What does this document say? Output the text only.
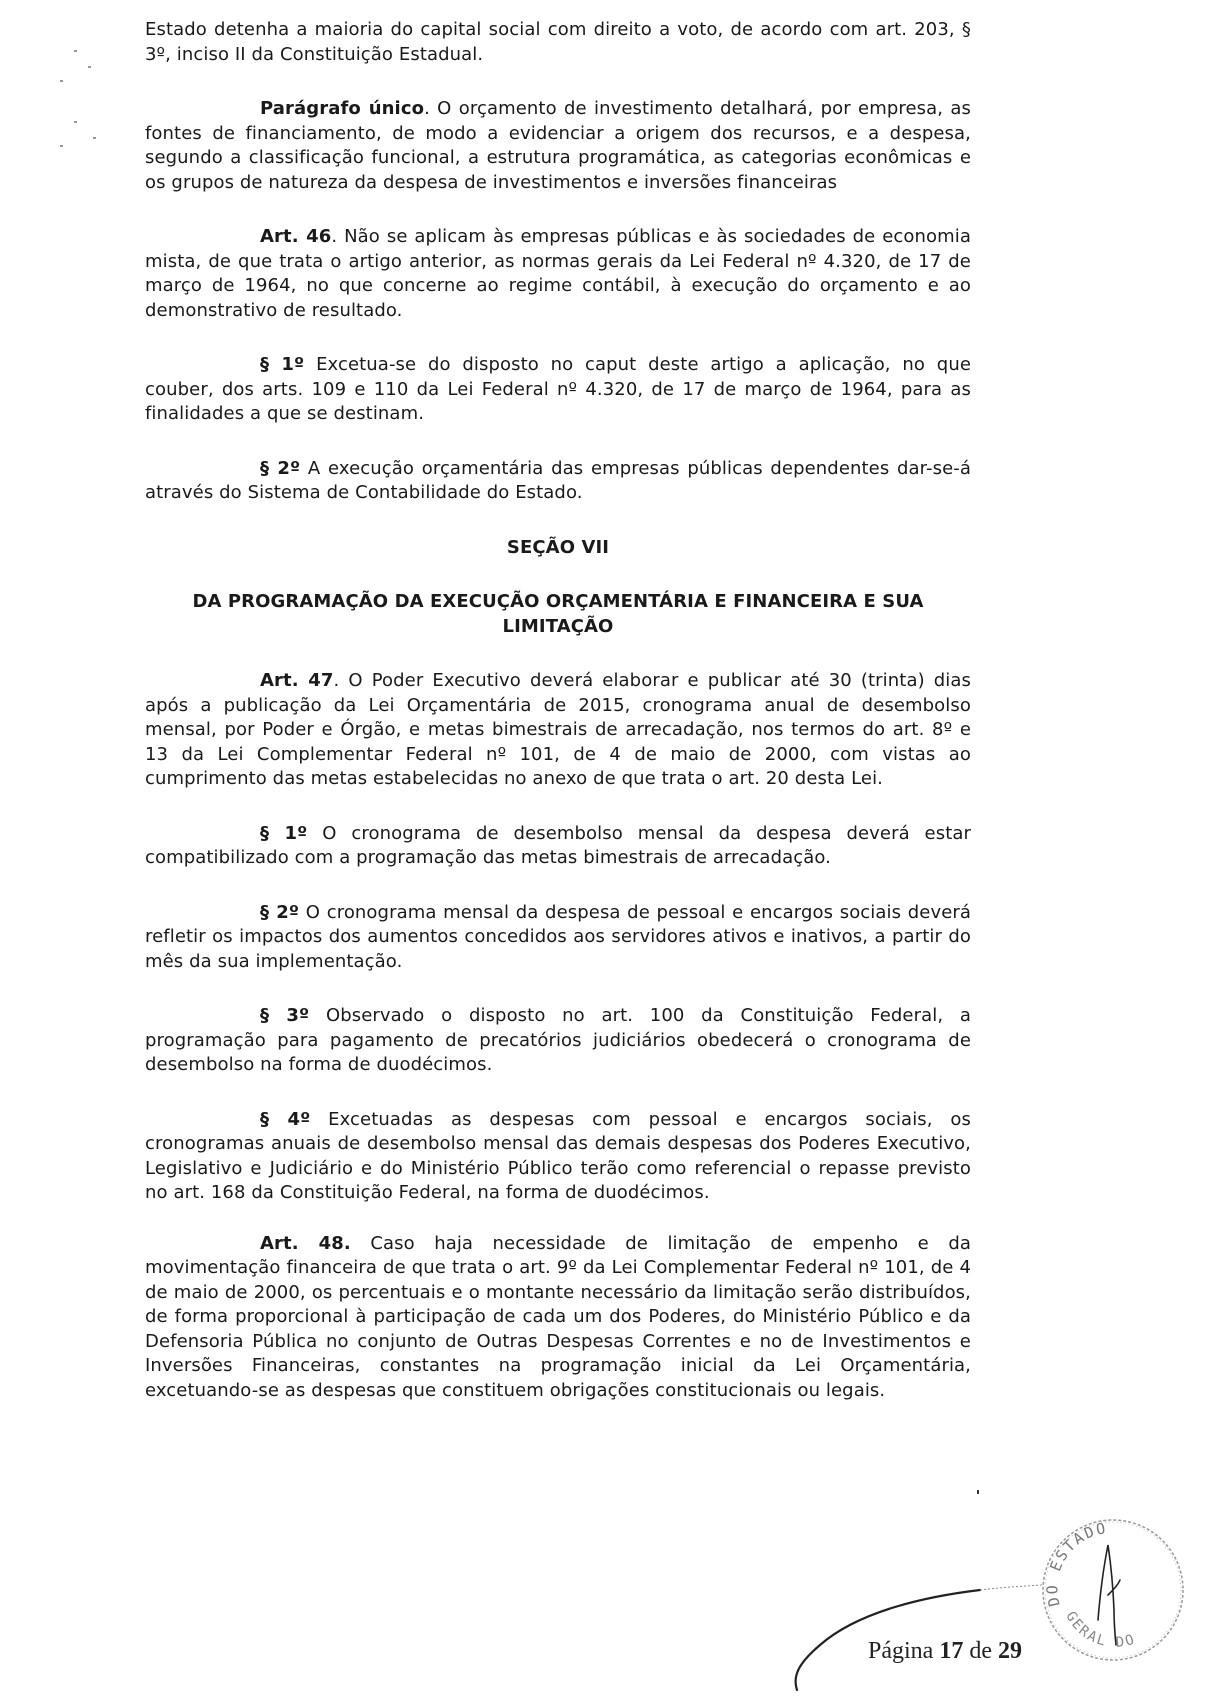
Estado detenha a maioria do capital social com direito a voto, de acordo com art. 203, § 3º, inciso II da Constituição Estadual.

Parágrafo único. O orçamento de investimento detalhará, por empresa, as fontes de financiamento, de modo a evidenciar a origem dos recursos, e a despesa, segundo a classificação funcional, a estrutura programática, as categorias econômicas e os grupos de natureza da despesa de investimentos e inversões financeiras

Art. 46. Não se aplicam às empresas públicas e às sociedades de economia mista, de que trata o artigo anterior, as normas gerais da Lei Federal nº 4.320, de 17 de março de 1964, no que concerne ao regime contábil, à execução do orçamento e ao demonstrativo de resultado.

§ 1º Excetua-se do disposto no caput deste artigo a aplicação, no que couber, dos arts. 109 e 110 da Lei Federal nº 4.320, de 17 de março de 1964, para as finalidades a que se destinam.

§ 2º A execução orçamentária das empresas públicas dependentes dar-se-á através do Sistema de Contabilidade do Estado.

SEÇÃO VII
DA PROGRAMAÇÃO DA EXECUÇÃO ORÇAMENTÁRIA E FINANCEIRA E SUA LIMITAÇÃO

Art. 47. O Poder Executivo deverá elaborar e publicar até 30 (trinta) dias após a publicação da Lei Orçamentária de 2015, cronograma anual de desembolso mensal, por Poder e Órgão, e metas bimestrais de arrecadação, nos termos do art. 8º e 13 da Lei Complementar Federal nº 101, de 4 de maio de 2000, com vistas ao cumprimento das metas estabelecidas no anexo de que trata o art. 20 desta Lei.

§ 1º O cronograma de desembolso mensal da despesa deverá estar compatibilizado com a programação das metas bimestrais de arrecadação.

§ 2º O cronograma mensal da despesa de pessoal e encargos sociais deverá refletir os impactos dos aumentos concedidos aos servidores ativos e inativos, a partir do mês da sua implementação.

§ 3º Observado o disposto no art. 100 da Constituição Federal, a programação para pagamento de precatórios judiciários obedecerá o cronograma de desembolso na forma de duodécimos.

§ 4º Excetuadas as despesas com pessoal e encargos sociais, os cronogramas anuais de desembolso mensal das demais despesas dos Poderes Executivo, Legislativo e Judiciário e do Ministério Público terão como referencial o repasse previsto no art. 168 da Constituição Federal, na forma de duodécimos.

Art. 48. Caso haja necessidade de limitação de empenho e da movimentação financeira de que trata o art. 9º da Lei Complementar Federal nº 101, de 4 de maio de 2000, os percentuais e o montante necessário da limitação serão distribuídos, de forma proporcional à participação de cada um dos Poderes, do Ministério Público e da Defensoria Pública no conjunto de Outras Despesas Correntes e no de Investimentos e Inversões Financeiras, constantes na programação inicial da Lei Orçamentária, excetuando-se as despesas que constituem obrigações constitucionais ou legais.

Página 17 de 29
DO ESTADO
GERAL DO
